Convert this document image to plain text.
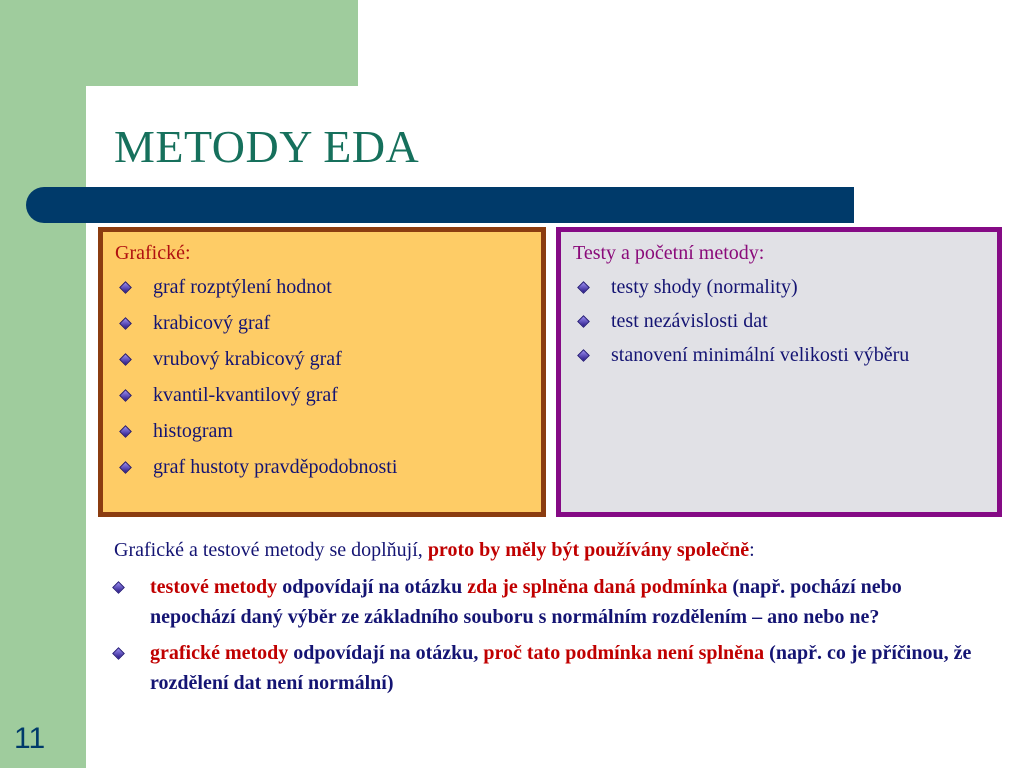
METODY EDA
Grafické:
graf rozptýlení hodnot
krabicový graf
vrubový krabicový graf
kvantil-kvantilový graf
histogram
graf hustoty pravděpodobnosti
Testy a početní metody:
testy shody (normality)
test nezávislosti dat
stanovení minimální velikosti výběru
Grafické a testové metody se doplňují, proto by měly být používány společně:
testové metody odpovídají na otázku zda je splněna daná podmínka (např. pochází nebo nepochází daný výběr ze základního souboru s normálním rozdělením – ano nebo ne?
grafické metody odpovídají na otázku, proč tato podmínka není splněna (např. co je příčinou, že rozdělení dat není normální)
11
